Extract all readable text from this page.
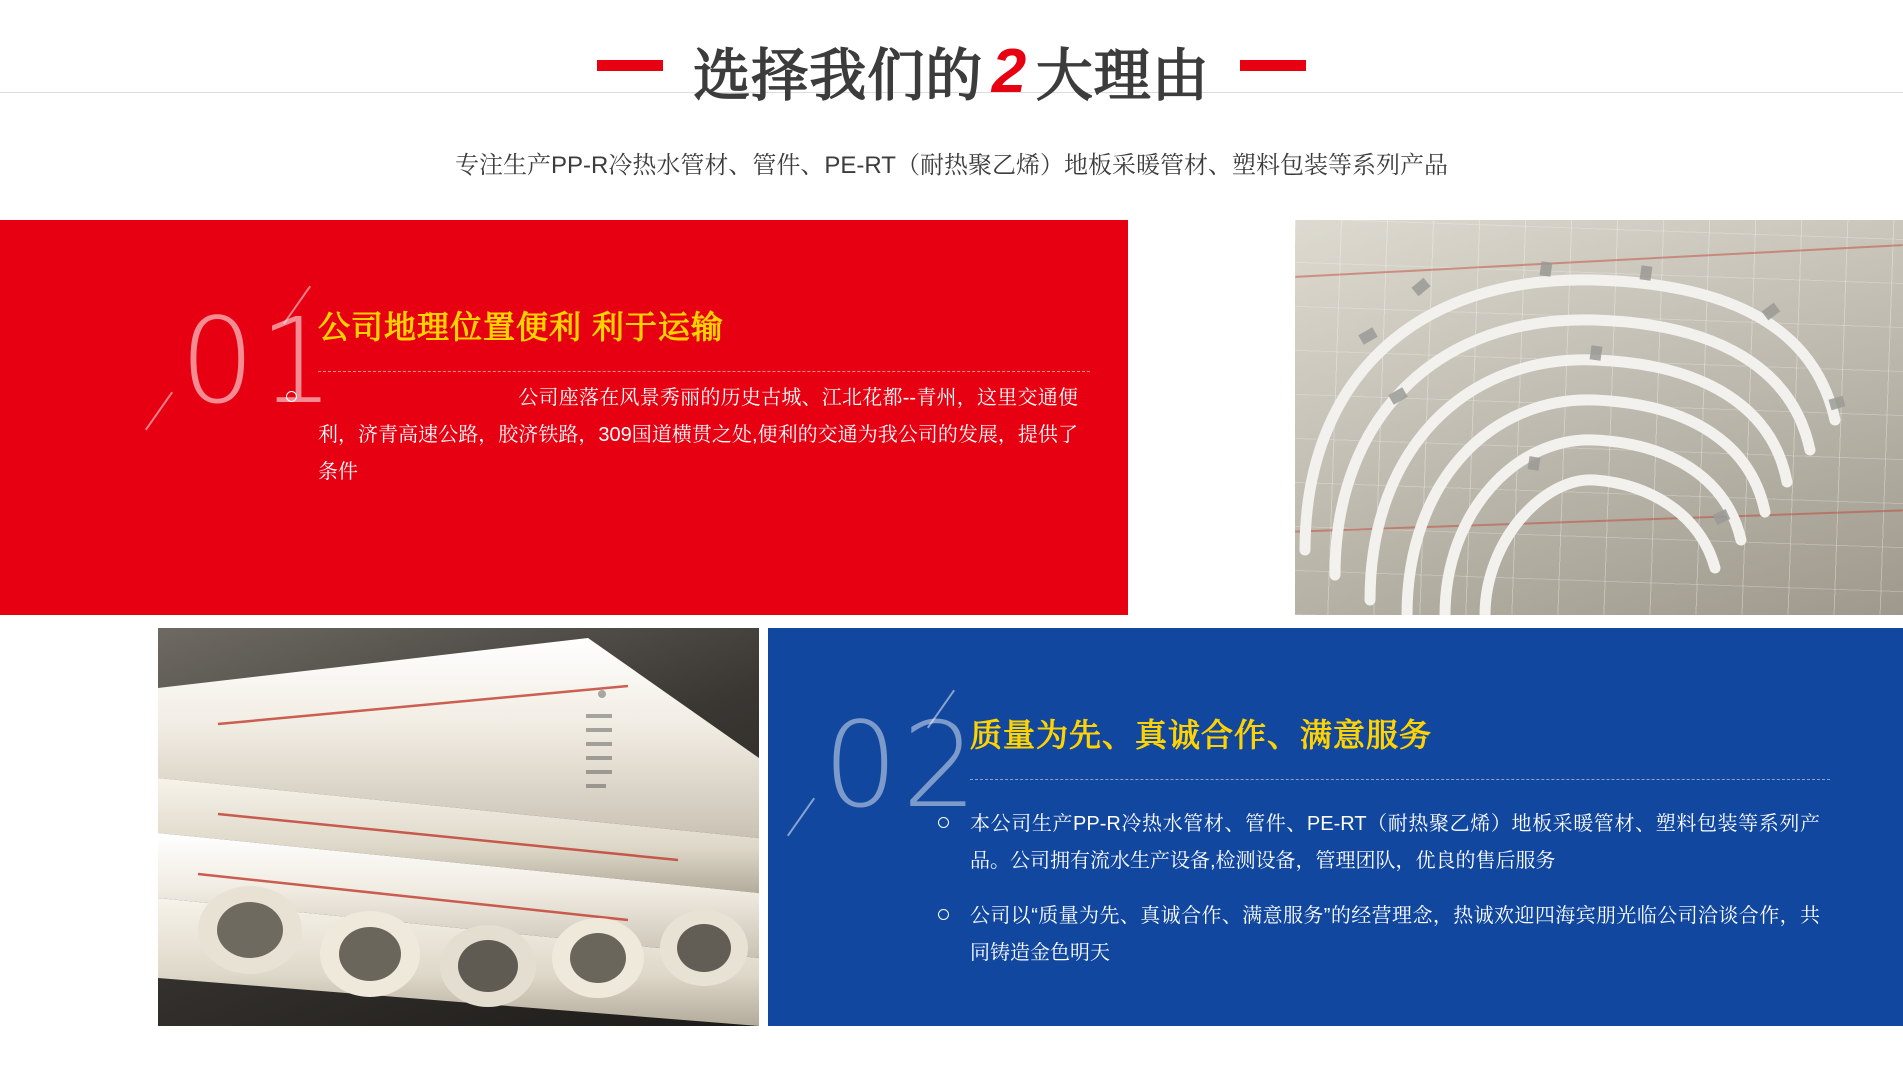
选择我们的 2 大理由
专注生产PP-R冷热水管材、管件、PE-RT（耐热聚乙烯）地板采暖管材、塑料包装等系列产品
01
公司地理位置便利 利于运输
公司座落在风景秀丽的历史古城、江北花都--青州，这里交通便利，济青高速公路，胶济铁路，309国道横贯之处,便利的交通为我公司的发展，提供了条件
02
质量为先、真诚合作、满意服务
本公司生产PP-R冷热水管材、管件、PE-RT（耐热聚乙烯）地板采暖管材、塑料包装等系列产品。公司拥有流水生产设备,检测设备，管理团队，优良的售后服务
公司以“质量为先、真诚合作、满意服务”的经营理念，热诚欢迎四海宾朋光临公司洽谈合作，共同铸造金色明天
